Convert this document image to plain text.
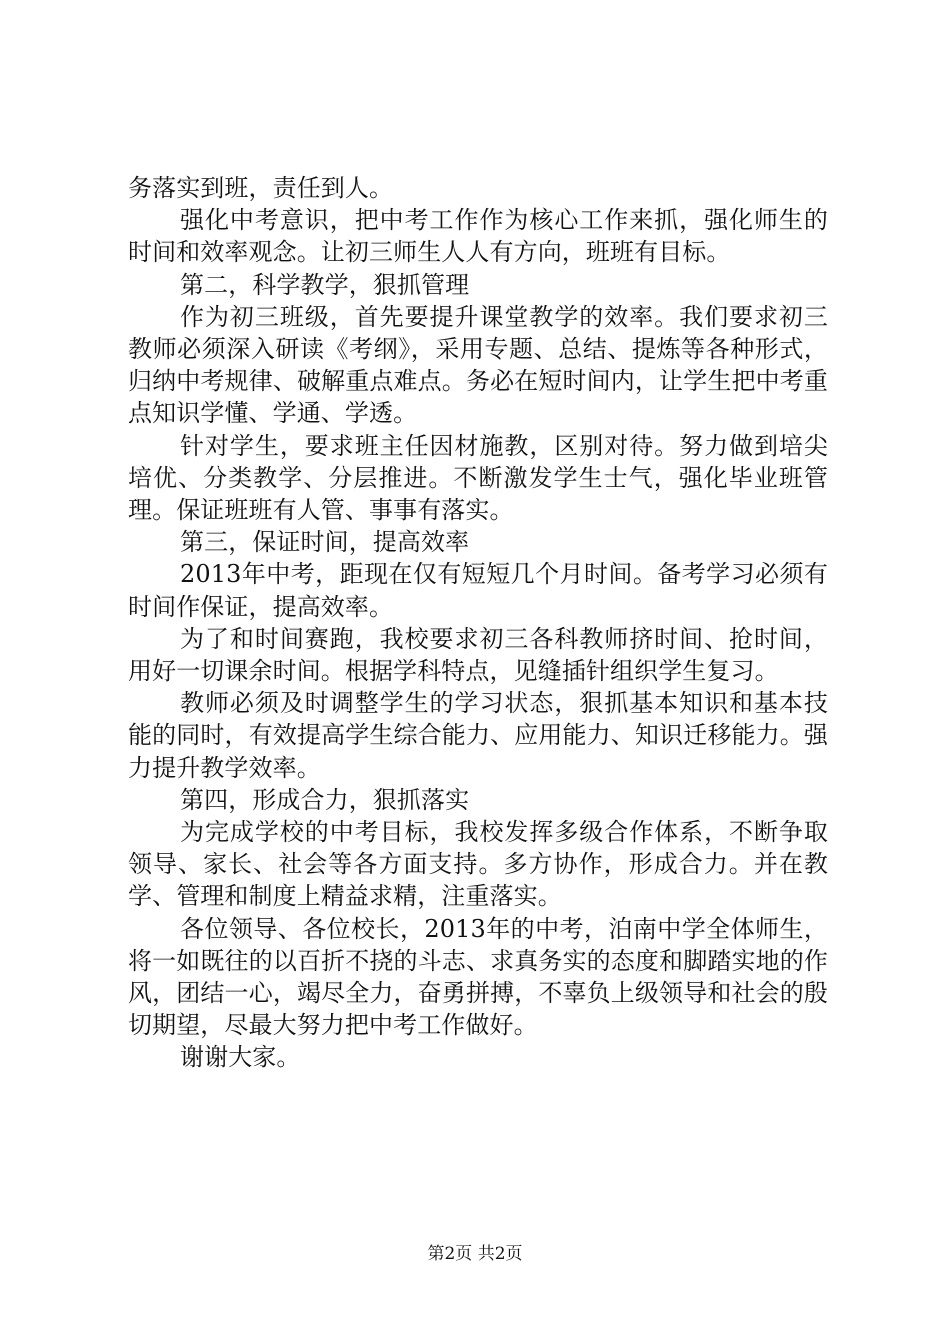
务落实到班，责任到人。

强化中考意识，把中考工作作为核心工作来抓，强化师生的时间和效率观念。让初三师生人人有方向，班班有目标。

第二，科学教学，狠抓管理

作为初三班级，首先要提升课堂教学的效率。我们要求初三教师必须深入研读《考纲》，采用专题、总结、提炼等各种形式，归纳中考规律、破解重点难点。务必在短时间内，让学生把中考重点知识学懂、学通、学透。

针对学生，要求班主任因材施教，区别对待。努力做到培尖培优、分类教学、分层推进。不断激发学生士气，强化毕业班管理。保证班班有人管、事事有落实。

第三，保证时间，提高效率

2013年中考，距现在仅有短短几个月时间。备考学习必须有时间作保证，提高效率。

为了和时间赛跑，我校要求初三各科教师挤时间、抢时间，用好一切课余时间。根据学科特点，见缝插针组织学生复习。

教师必须及时调整学生的学习状态，狠抓基本知识和基本技能的同时，有效提高学生综合能力、应用能力、知识迁移能力。强力提升教学效率。

第四，形成合力，狠抓落实

为完成学校的中考目标，我校发挥多级合作体系，不断争取领导、家长、社会等各方面支持。多方协作，形成合力。并在教学、管理和制度上精益求精，注重落实。

各位领导、各位校长，2013年的中考，泊南中学全体师生，将一如既往的以百折不挠的斗志、求真务实的态度和脚踏实地的作风，团结一心，竭尽全力，奋勇拼搏，不辜负上级领导和社会的殷切期望，尽最大努力把中考工作做好。

谢谢大家。

第2页 共2页
